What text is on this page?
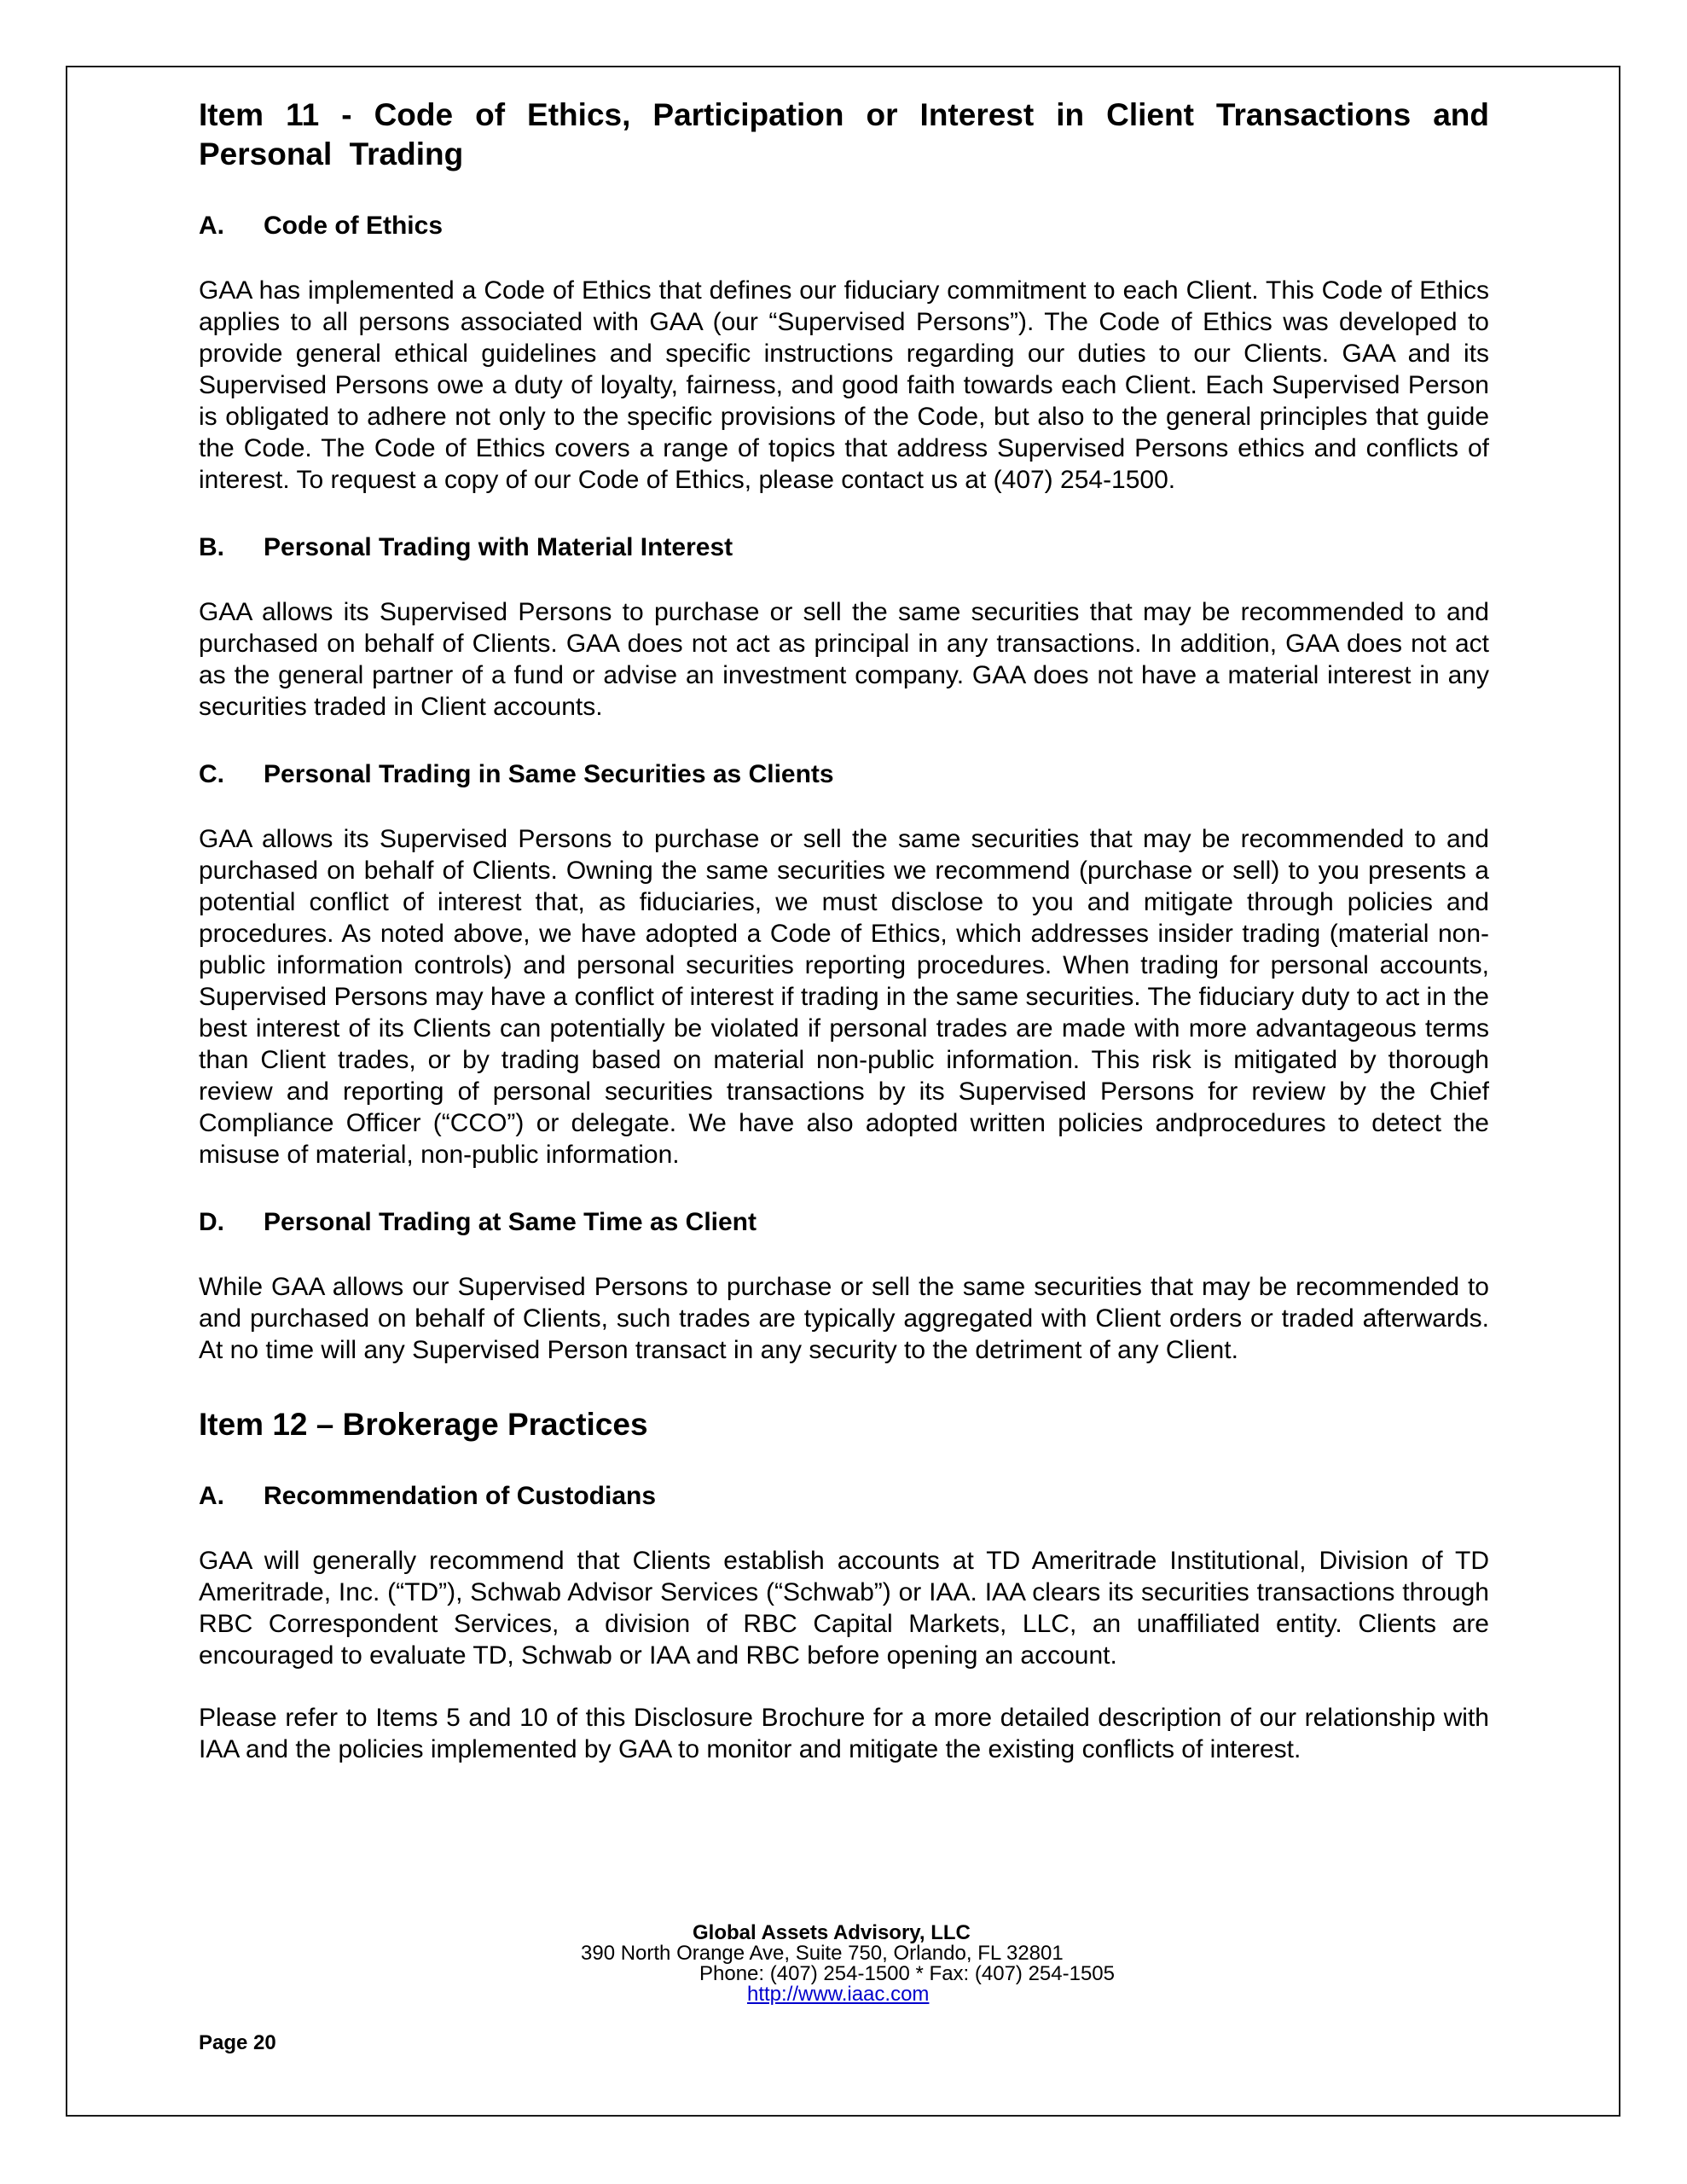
Item 11 - Code of Ethics, Participation or Interest in Client Transactions and Personal Trading
A.	Code of Ethics

GAA has implemented a Code of Ethics that defines our fiduciary commitment to each Client. This Code of Ethics applies to all persons associated with GAA (our “Supervised Persons”). The Code of Ethics was developed to provide general ethical guidelines and specific instructions regarding our duties to our Clients. GAA and its Supervised Persons owe a duty of loyalty, fairness, and good faith towards each Client. Each Supervised Person is obligated to adhere not only to the specific provisions of the Code, but also to the general principles that guide the Code. The Code of Ethics covers a range of topics that address Supervised Persons ethics and conflicts of interest. To request a copy of our Code of Ethics, please contact us at (407) 254-1500.

B.	Personal Trading with Material Interest

GAA allows its Supervised Persons to purchase or sell the same securities that may be recommended to and purchased on behalf of Clients. GAA does not act as principal in any transactions. In addition, GAA does not act as the general partner of a fund or advise an investment company. GAA does not have a material interest in any securities traded in Client accounts.

C.	Personal Trading in Same Securities as Clients

GAA allows its Supervised Persons to purchase or sell the same securities that may be recommended to and purchased on behalf of Clients. Owning the same securities we recommend (purchase or sell) to you presents a potential conflict of interest that, as fiduciaries, we must disclose to you and mitigate through policies and procedures. As noted above, we have adopted a Code of Ethics, which addresses insider trading (material non-public information controls) and personal securities reporting procedures. When trading for personal accounts, Supervised Persons may have a conflict of interest if trading in the same securities. The fiduciary duty to act in the best interest of its Clients can potentially be violated if personal trades are made with more advantageous terms than Client trades, or by trading based on material non-public information. This risk is mitigated by thorough review and reporting of personal securities transactions by its Supervised Persons for review by the Chief Compliance Officer (“CCO”) or delegate. We have also adopted written policies andprocedures to detect the misuse of material, non-public information.

D.	Personal Trading at Same Time as Client

While GAA allows our Supervised Persons to purchase or sell the same securities that may be recommended to and purchased on behalf of Clients, such trades are typically aggregated with Client orders or traded afterwards. At no time will any Supervised Person transact in any security to the detriment of any Client.

Item 12 – Brokerage Practices
A.	Recommendation of Custodians

GAA will generally recommend that Clients establish accounts at TD Ameritrade Institutional, Division of TD Ameritrade, Inc. (“TD”), Schwab Advisor Services (“Schwab”) or IAA. IAA clears its securities transactions through RBC Correspondent Services, a division of RBC Capital Markets, LLC, an unaffiliated entity. Clients are encouraged to evaluate TD, Schwab or IAA and RBC before opening an account.

Please refer to Items 5 and 10 of this Disclosure Brochure for a more detailed description of our relationship with IAA and the policies implemented by GAA to monitor and mitigate the existing conflicts of interest.

Global Assets Advisory, LLC
390 North Orange Ave, Suite 750, Orlando, FL 32801
Phone: (407) 254-1500 * Fax: (407) 254-1505
http://www.iaac.com
Page 20
